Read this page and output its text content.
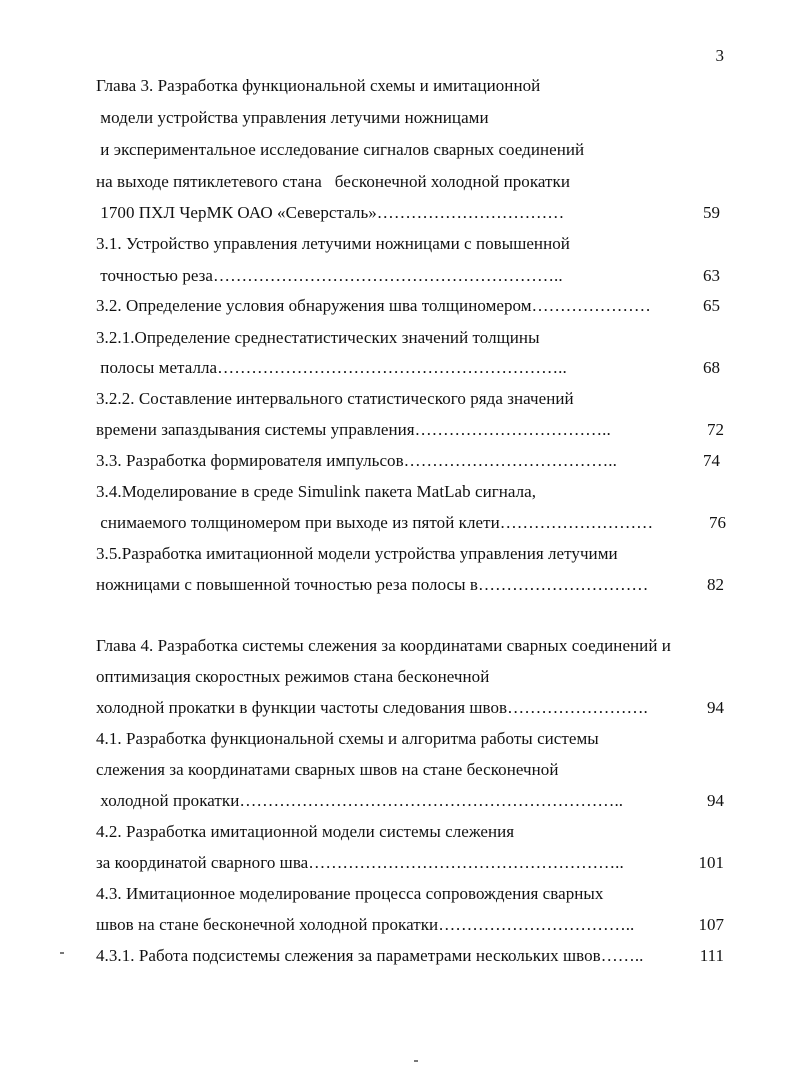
3
Глава 3. Разработка функциональной схемы и имитационной
модели устройства управления летучими ножницами
и экспериментальное исследование сигналов сварных соединений
на выходе пятиклетевого стана   бесконечной холодной прокатки
1700 ПХЛ ЧерМК ОАО «Северсталь»……………………………	59
3.1. Устройство управления летучими ножницами с повышенной
точностью реза……………………………………………………..	63
3.2. Определение условия обнаружения шва толщиномером…………………	65
3.2.1.Определение среднестатистических значений толщины
полосы металла……………………………………………………..	68
3.2.2. Составление интервального статистического ряда значений
времени запаздывания системы управления……………………………..	72
3.3. Разработка формирователя импульсов………………………………..	74
3.4.Моделирование в среде Simulink пакета MatLab сигнала,
снимаемого толщиномером при выходе из пятой клети………………………	76
3.5.Разработка имитационной модели устройства управления летучими
ножницами с повышенной точностью реза полосы в…………………………	82
Глава 4. Разработка системы слежения за координатами сварных соединений и
оптимизация скоростных режимов стана бесконечной
холодной прокатки в функции частоты следования швов…………………….	94
4.1. Разработка функциональной схемы и алгоритма работы системы
слежения за координатами сварных швов на стане бесконечной
холодной прокатки…………………………………………………………..	94
4.2. Разработка имитационной модели системы слежения
за координатой сварного шва………………………………………………..	101
4.3. Имитационное моделирование процесса сопровождения сварных
швов на стане бесконечной холодной прокатки……………………………..	107
4.3.1. Работа подсистемы слежения за параметрами нескольких швов……..	111
